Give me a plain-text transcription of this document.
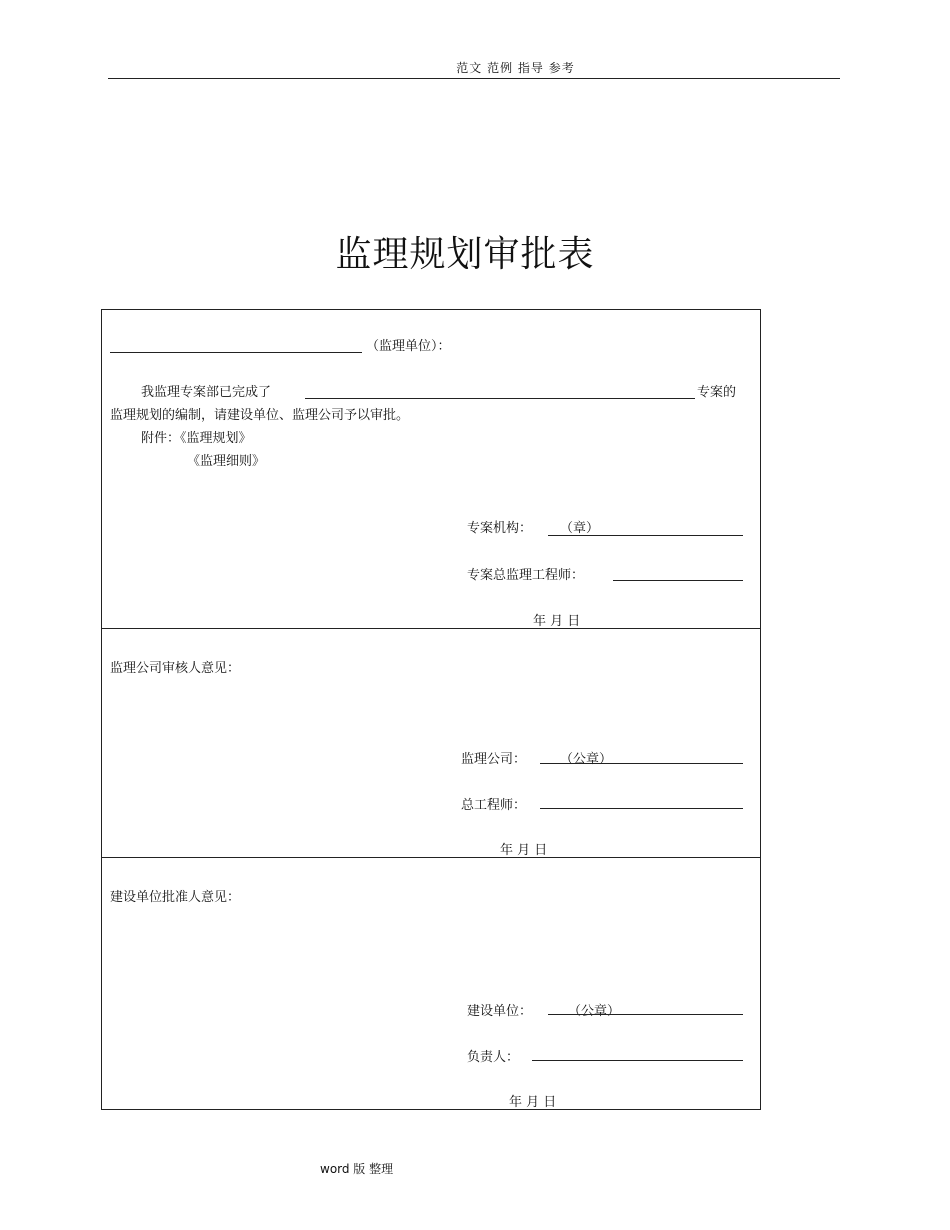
范文 范例 指导 参考
监理规划审批表
（监理单位）：
我监理专案部已完成了	专案的
监理规划的编制，请建设单位、监理公司予以审批。
附件：《监理规划》
《监理细则》
专案机构： （章）
专案总监理工程师：
年 月 日
监理公司审核人意见：
监理公司：	（公章）
总工程师：
年 月 日
建设单位批准人意见：
建设单位：	（公章）
负责人：
年 月 日
word 版 整理
